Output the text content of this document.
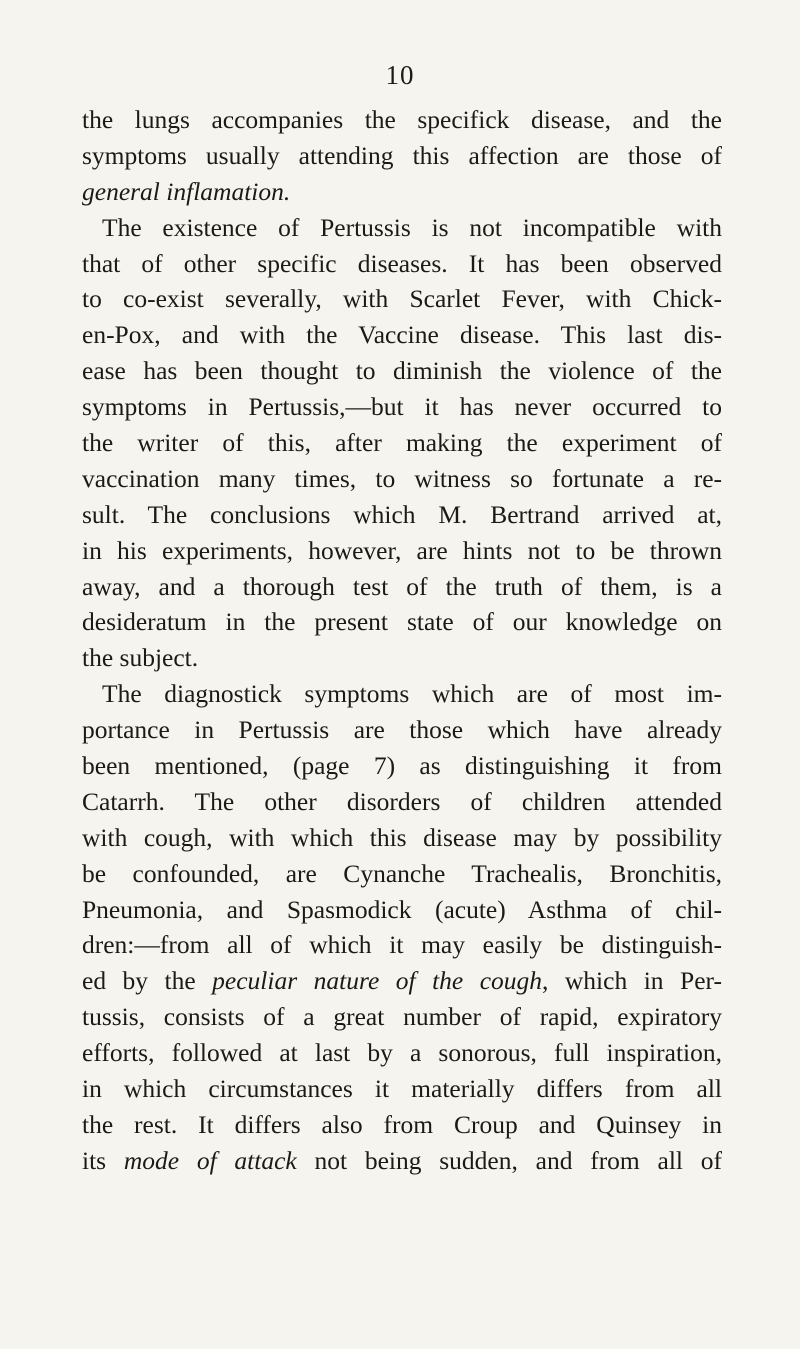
10
the lungs accompanies the specifick disease, and the
symptoms usually attending this affection are those of
general inflamation.
The existence of Pertussis is not incompatible with
that of other specific diseases. It has been observed
to co-exist severally, with Scarlet Fever, with Chick-
en-Pox, and with the Vaccine disease. This last dis-
ease has been thought to diminish the violence of the
symptoms in Pertussis,—but it has never occurred to
the writer of this, after making the experiment of
vaccination many times, to witness so fortunate a re-
sult. The conclusions which M. Bertrand arrived at,
in his experiments, however, are hints not to be thrown
away, and a thorough test of the truth of them, is a
desideratum in the present state of our knowledge on
the subject.
The diagnostick symptoms which are of most im-
portance in Pertussis are those which have already
been mentioned, (page 7) as distinguishing it from
Catarrh. The other disorders of children attended
with cough, with which this disease may by possibility
be confounded, are Cynanche Trachealis, Bronchitis,
Pneumonia, and Spasmodick (acute) Asthma of chil-
dren:—from all of which it may easily be distinguish-
ed by the peculiar nature of the cough, which in Per-
tussis, consists of a great number of rapid, expiratory
efforts, followed at last by a sonorous, full inspiration,
in which circumstances it materially differs from all
the rest. It differs also from Croup and Quinsey in
its mode of attack not being sudden, and from all of
